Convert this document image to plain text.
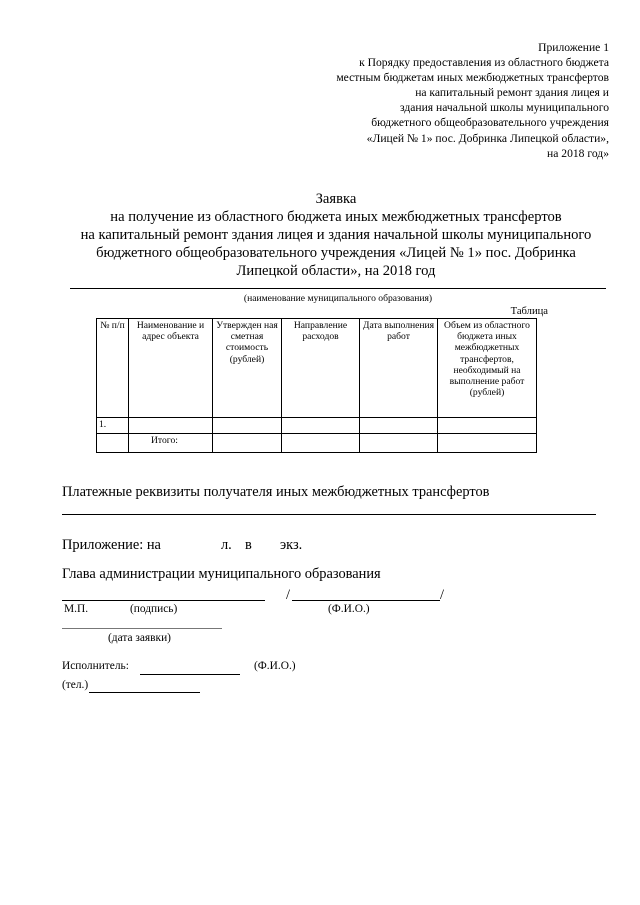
Приложение 1
к Порядку предоставления из областного бюджета
местным бюджетам иных межбюджетных трансфертов
на капитальный ремонт здания лицея и
здания начальной школы муниципального
бюджетного общеобразовательного учреждения
«Лицей № 1» пос. Добринка Липецкой области»,
на 2018 год»
Заявка
на получение из областного бюджета иных межбюджетных трансфертов
на капитальный ремонт здания лицея и здания начальной школы муниципального
бюджетного общеобразовательного учреждения «Лицей № 1» пос. Добринка
Липецкой области», на 2018 год
(наименование муниципального образования)
Таблица
№ п/п	Наименование и адрес объекта	Утвержден ная сметная стоимость (рублей)	Направление расходов	Дата выполнения работ	Объем из областного бюджета иных межбюджетных трансфертов, необходимый на выполнение работ (рублей)
1.					
	Итого:				
Платежные реквизиты получателя иных межбюджетных трансфертов
Приложение: на	л. в экз.
Глава администрации муниципального образования
/	/
М.П.	(подпись)	(Ф.И.О.)
(дата заявки)
Исполнитель:	(Ф.И.О.)
(тел.)
